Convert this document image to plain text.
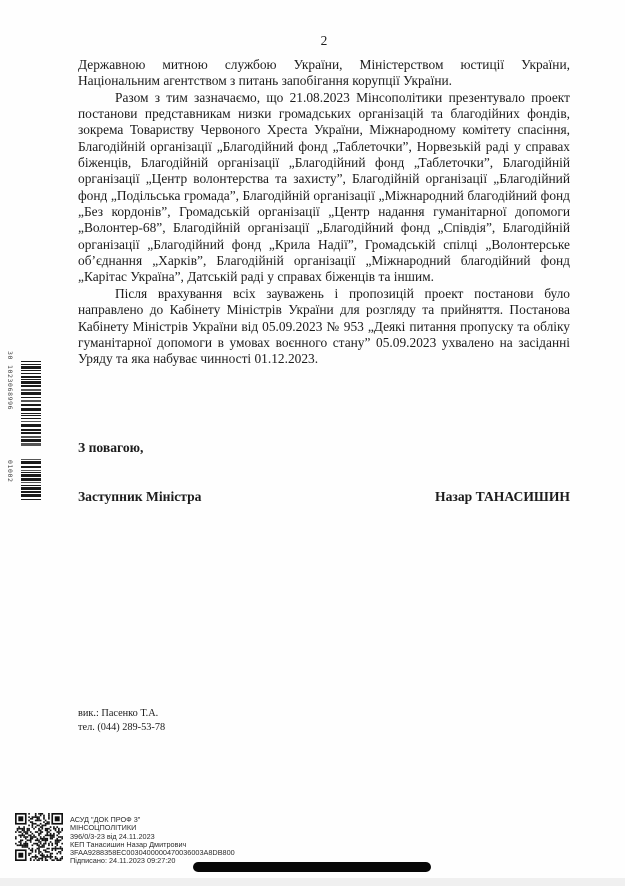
30
1023068996
01002
2

Державною митною службою України, Міністерством юстиції України, Національним агентством з питань запобігання корупції України.

Разом з тим зазначаємо, що 21.08.2023 Мінсополітики презентувало проект постанови представникам низки громадських організацій та благодійних фондів, зокрема Товариству Червоного Хреста України, Міжнародному комітету спасіння, Благодійній організації „Благодійний фонд „Таблеточки”, Норвезькій раді у справах біженців, Благодійній організації „Благодійний фонд „Таблеточки”, Благодійній організації „Центр волонтерства та захисту”, Благодійній організації „Благодійний фонд „Подільська громада”, Благодійній організації „Міжнародний благодійний фонд „Без кордонів”, Громадській організації „Центр надання гуманітарної допомоги „Волонтер-68”, Благодійній організації „Благодійний фонд „Співдія”, Благодійній організації „Благодійний фонд „Крила Надії”, Громадській спілці „Волонтерське об’єднання „Харків”, Благодійній організації „Міжнародний благодійний фонд „Карітас Україна”, Датській раді у справах біженців та іншим.

Після врахування всіх зауважень і пропозицій проект постанови було направлено до Кабінету Міністрів України для розгляду та прийняття. Постанова Кабінету Міністрів України від 05.09.2023 № 953 „Деякі питання пропуску та обліку гуманітарної допомоги в умовах воєнного стану” 05.09.2023 ухвалено на засіданні Уряду та яка набуває чинності 01.12.2023.

З повагою,
Заступник Міністра	Назар ТАНАСИШИН
вик.: Пасенко Т.А.
тел. (044) 289-53-78
АСУД "ДОК ПРОФ 3"
МІНСОЦПОЛІТИКИ
396/0/3-23 від 24.11.2023
КЕП Танасишин Назар Дмитрович
3FAA9288358EC0030400000470036003A8DB800
Підписано: 24.11.2023 09:27:20
